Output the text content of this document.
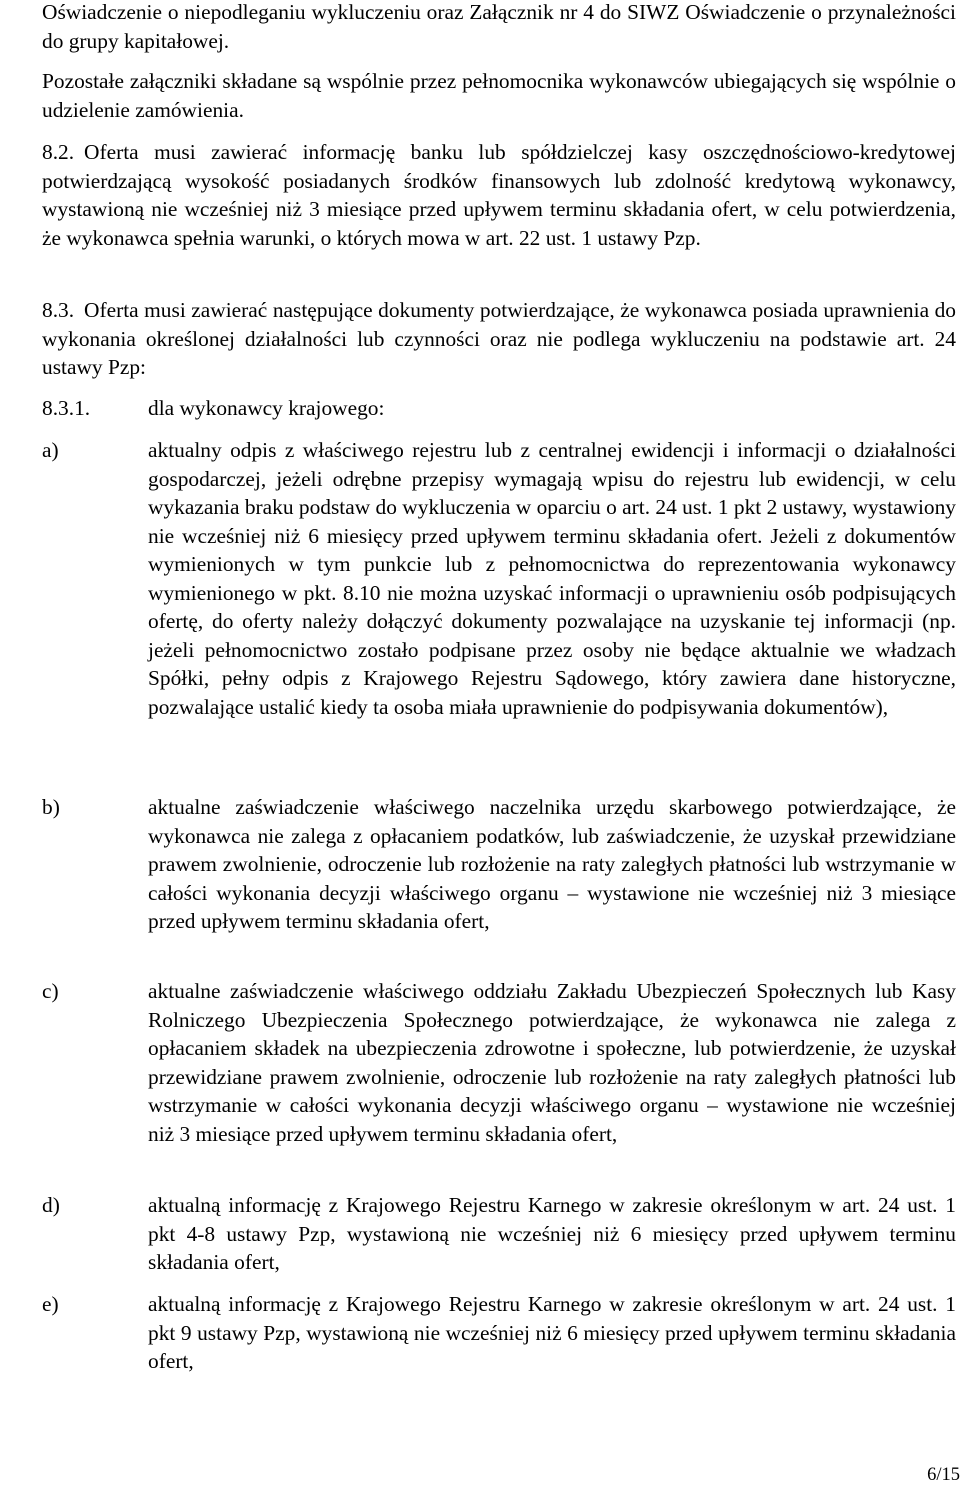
Oświadczenie o niepodleganiu wykluczeniu oraz Załącznik nr 4 do SIWZ Oświadczenie o przynależności do grupy kapitałowej.

Pozostałe załączniki składane są wspólnie przez pełnomocnika wykonawców ubiegających się wspólnie o udzielenie zamówienia.

8.2. Oferta musi zawierać informację banku lub spółdzielczej kasy oszczędnościowo-kredytowej potwierdzającą wysokość posiadanych środków finansowych lub zdolność kredytową wykonawcy, wystawioną nie wcześniej niż 3 miesiące przed upływem terminu składania ofert, w celu potwierdzenia, że wykonawca spełnia warunki, o których mowa w art. 22 ust. 1 ustawy Pzp.

8.3. Oferta musi zawierać następujące dokumenty potwierdzające, że wykonawca posiada uprawnienia do wykonania określonej działalności lub czynności oraz nie podlega wykluczeniu na podstawie art. 24 ustawy Pzp:

8.3.1.	dla wykonawcy krajowego:
a)	aktualny odpis z właściwego rejestru lub z centralnej ewidencji i informacji o działalności gospodarczej, jeżeli odrębne przepisy wymagają wpisu do rejestru lub ewidencji, w celu wykazania braku podstaw do wykluczenia w oparciu o art. 24 ust. 1 pkt 2 ustawy, wystawiony nie wcześniej niż 6 miesięcy przed upływem terminu składania ofert. Jeżeli z dokumentów wymienionych w tym punkcie lub z pełnomocnictwa do reprezentowania wykonawcy wymienionego w pkt. 8.10 nie można uzyskać informacji o uprawnieniu osób podpisujących ofertę, do oferty należy dołączyć dokumenty pozwalające na uzyskanie tej informacji (np. jeżeli pełnomocnictwo zostało podpisane przez osoby nie będące aktualnie we władzach Spółki, pełny odpis z Krajowego Rejestru Sądowego, który zawiera dane historyczne, pozwalające ustalić kiedy ta osoba miała uprawnienie do podpisywania dokumentów),

b)	aktualne zaświadczenie właściwego naczelnika urzędu skarbowego potwierdzające, że wykonawca nie zalega z opłacaniem podatków, lub zaświadczenie, że uzyskał przewidziane prawem zwolnienie, odroczenie lub rozłożenie na raty zaległych płatności lub wstrzymanie w całości wykonania decyzji właściwego organu – wystawione nie wcześniej niż 3 miesiące przed upływem terminu składania ofert,

c)	aktualne zaświadczenie właściwego oddziału Zakładu Ubezpieczeń Społecznych lub Kasy Rolniczego Ubezpieczenia Społecznego potwierdzające, że wykonawca nie zalega z opłacaniem składek na ubezpieczenia zdrowotne i społeczne, lub potwierdzenie, że uzyskał przewidziane prawem zwolnienie, odroczenie lub rozłożenie na raty zaległych płatności lub wstrzymanie w całości wykonania decyzji właściwego organu – wystawione nie wcześniej niż 3 miesiące przed upływem terminu składania ofert,

d)	aktualną informację z Krajowego Rejestru Karnego w zakresie określonym w art. 24 ust. 1 pkt 4-8 ustawy Pzp, wystawioną nie wcześniej niż 6 miesięcy przed upływem terminu składania ofert,

e)	aktualną informację z Krajowego Rejestru Karnego w zakresie określonym w art. 24 ust. 1 pkt 9 ustawy Pzp, wystawioną nie wcześniej niż 6 miesięcy przed upływem terminu składania ofert,

6/15
